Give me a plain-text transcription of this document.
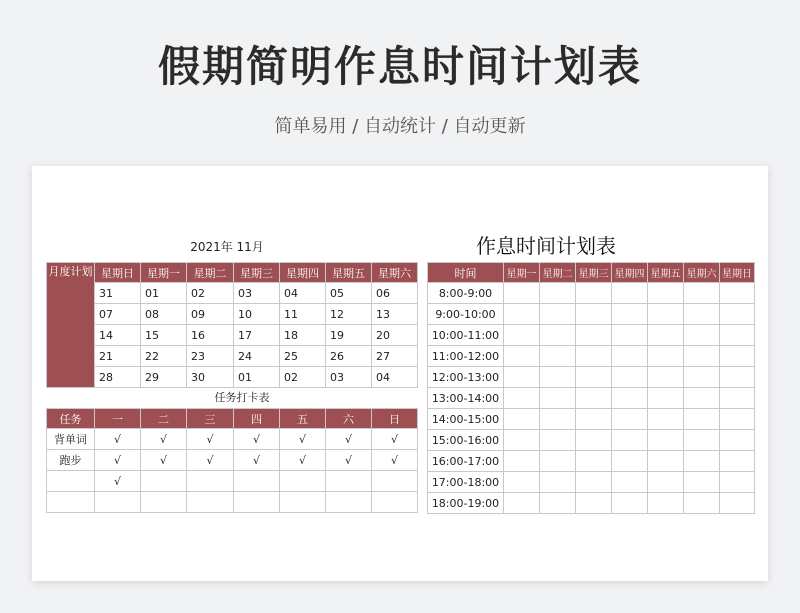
假期简明作息时间计划表
简单易用 / 自动统计 / 自动更新
2021年 11月
月度计划	星期日	星期一	星期二	星期三	星期四	星期五	星期六
	31	01	02	03	04	05	06
	07	08	09	10	11	12	13
	14	15	16	17	18	19	20
	21	22	23	24	25	26	27
	28	29	30	01	02	03	04
任务打卡表
任务	一	二	三	四	五	六	日
背单词	√	√	√	√	√	√	√
跑步	√	√	√	√	√	√	√
	√						

作息时间计划表
时间	星期一	星期二	星期三	星期四	星期五	星期六	星期日
8:00-9:00							
9:00-10:00							
10:00-11:00							
11:00-12:00							
12:00-13:00							
13:00-14:00							
14:00-15:00							
15:00-16:00							
16:00-17:00							
17:00-18:00							
18:00-19:00							
